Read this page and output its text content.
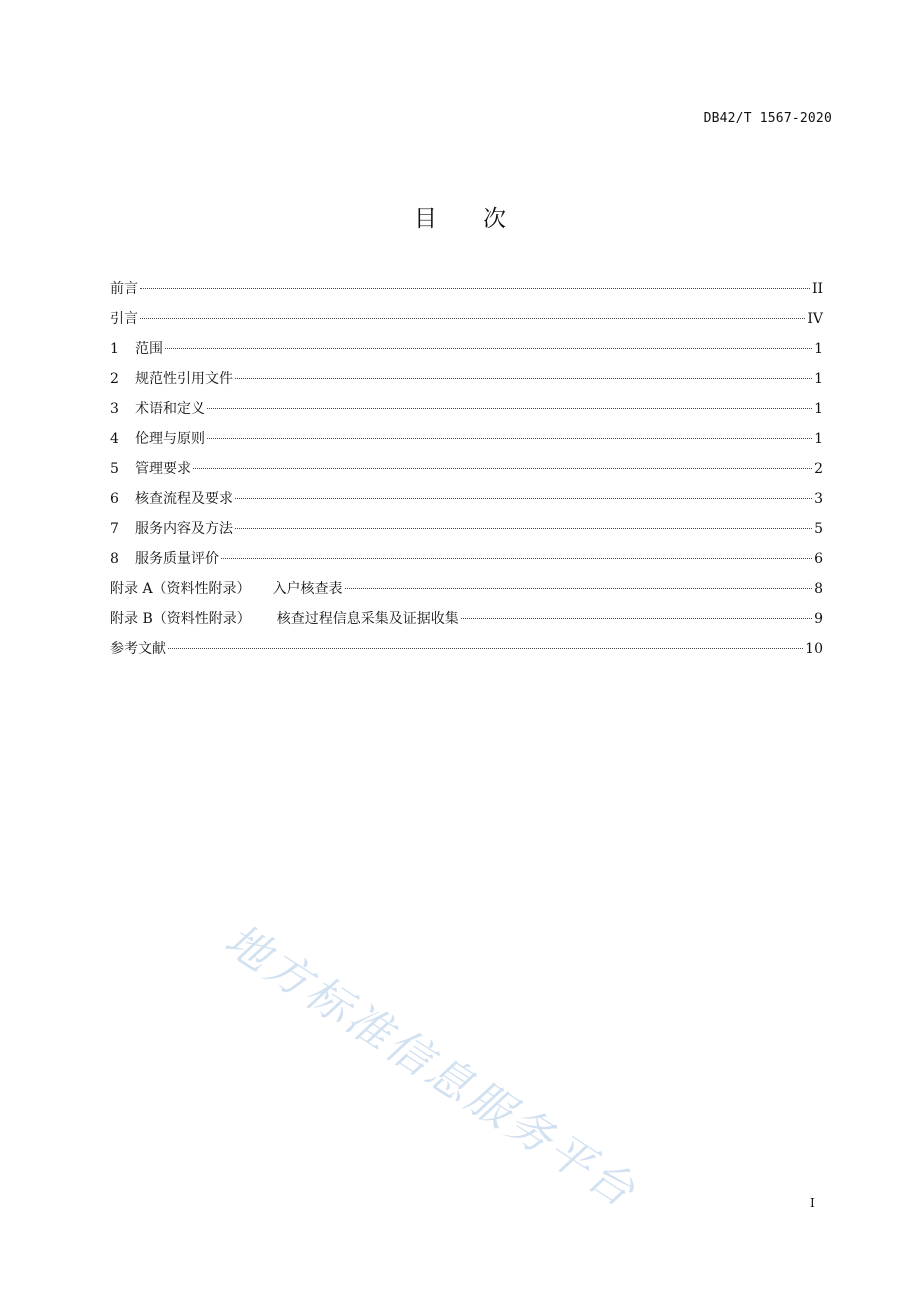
DB42/T 1567-2020
目次
前言	II
引言	IV
1	范围	1
2	规范性引用文件	1
3	术语和定义	1
4	伦理与原则	1
5	管理要求	2
6	核查流程及要求	3
7	服务内容及方法	5
8	服务质量评价	6
附录 A（资料性附录） 入户核查表	8
附录 B（资料性附录） 核查过程信息采集及证据收集	9
参考文献	10
地方标准信息服务平台	I
